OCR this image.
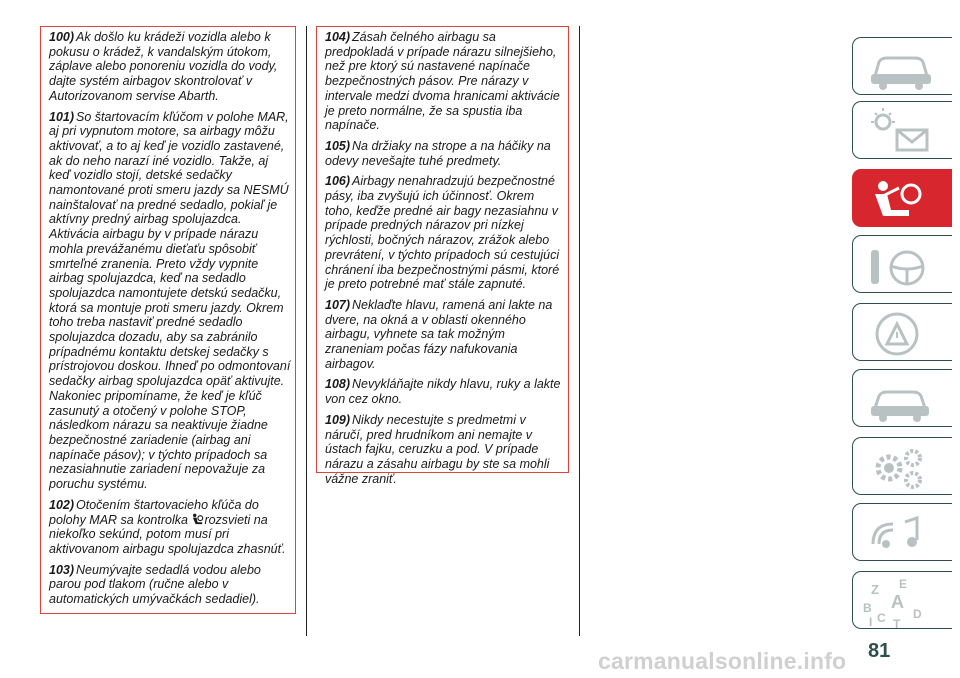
100) Ak došlo ku krádeži vozidla alebo k pokusu o krádež, k vandalským útokom, záplave alebo ponoreniu vozidla do vody, dajte systém airbagov skontrolovať v Autorizovanom servise Abarth.

101) So štartovacím kľúčom v polohe MAR, aj pri vypnutom motore, sa airbagy môžu aktivovať, a to aj keď je vozidlo zastavené, ak do neho narazí iné vozidlo. Takže, aj keď vozidlo stojí, detské sedačky namontované proti smeru jazdy sa NESMÚ nainštalovať na predné sedadlo, pokiaľ je aktívny predný airbag spolujazdca. Aktivácia airbagu by v prípade nárazu mohla prevážanému dieťaťu spôsobiť smrteľné zranenia. Preto vždy vypnite airbag spolujazdca, keď na sedadlo spolujazdca namontujete detskú sedačku, ktorá sa montuje proti smeru jazdy. Okrem toho treba nastaviť predné sedadlo spolujazdca dozadu, aby sa zabránilo prípadnému kontaktu detskej sedačky s prístrojovou doskou. Ihneď po odmontovaní sedačky airbag spolujazdca opäť aktivujte. Nakoniec pripomíname, že keď je kľúč zasunutý a otočený v polohe STOP, následkom nárazu sa neaktivuje žiadne bezpečnostné zariadenie (airbag ani napínače pásov); v týchto prípadoch sa nezasiahnutie zariadení nepovažuje za poruchu systému.

102) Otočením štartovacieho kľúča do polohy MAR sa kontrolka rozsvieti na niekoľko sekúnd, potom musí pri aktivovanom airbagu spolujazdca zhasnúť.

103) Neumývajte sedadlá vodou alebo parou pod tlakom (ručne alebo v automatických umývačkách sedadiel).

104) Zásah čelného airbagu sa predpokladá v prípade nárazu silnejšieho, než pre ktorý sú nastavené napínače bezpečnostných pásov. Pre nárazy v intervale medzi dvoma hranicami aktivácie je preto normálne, že sa spustia iba napínače.

105) Na držiaky na strope a na háčiky na odevy nevešajte tuhé predmety.

106) Airbagy nenahradzujú bezpečnostné pásy, iba zvyšujú ich účinnosť. Okrem toho, keďže predné air bagy nezasiahnu v prípade predných nárazov pri nízkej rýchlosti, bočných nárazov, zrážok alebo prevrátení, v týchto prípadoch sú cestujúci chránení iba bezpečnostnými pásmi, ktoré je preto potrebné mať stále zapnuté.

107) Neklaďte hlavu, ramená ani lakte na dvere, na okná a v oblasti okenného airbagu, vyhnete sa tak možným zraneniam počas fázy nafukovania airbagov.

108) Nevykláňajte nikdy hlavu, ruky a lakte von cez okno.

109) Nikdy necestujte s predmetmi v náručí, pred hrudníkom ani nemajte v ústach fajku, ceruzku a pod. V prípade nárazu a zásahu airbagu by ste sa mohli vážne zraniť.

Z E
B A
C D
T
I
81
carmanualsonline.info
